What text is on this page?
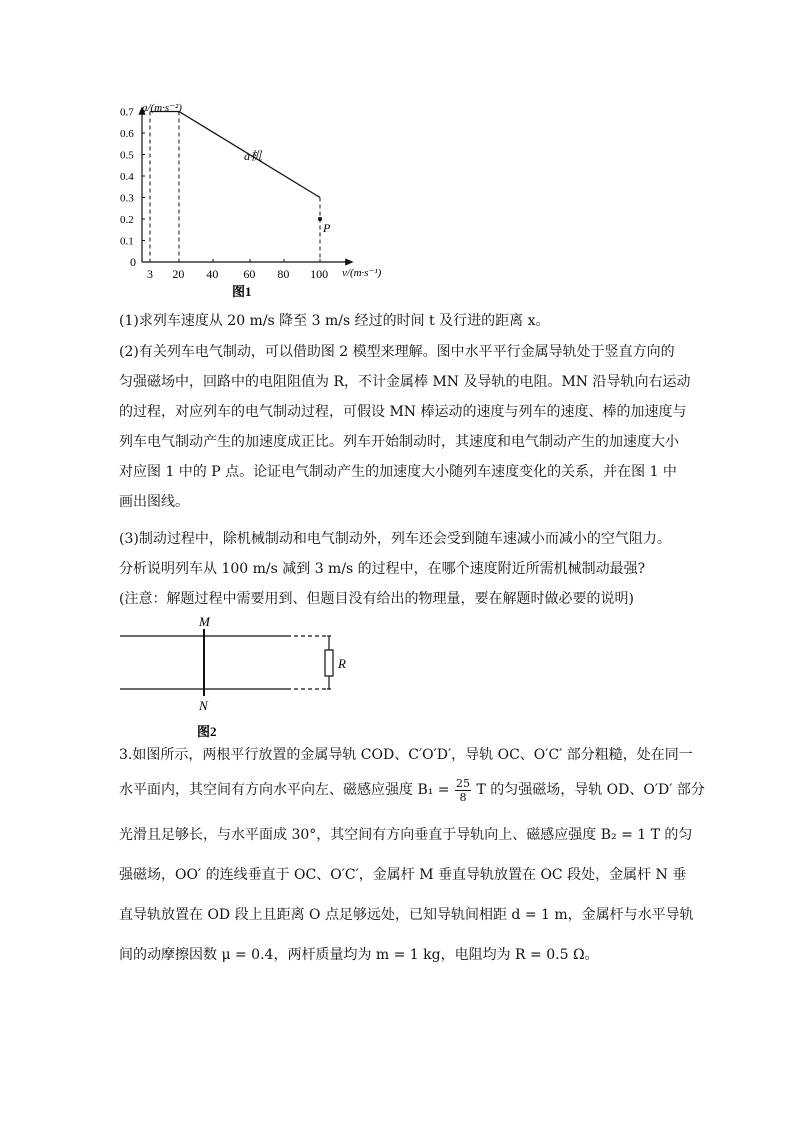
a/(m·s⁻²)
v/(m·s⁻¹)
0
0.7
0.6
0.5
0.4
0.3
0.2
0.1
3 20 40 60 80 100
a机
P
图1
(1)求列车速度从 20 m/s 降至 3 m/s 经过的时间 t 及行进的距离 x。
(2)有关列车电气制动，可以借助图 2 模型来理解。图中水平平行金属导轨处于竖直方向的
匀强磁场中，回路中的电阻阻值为 R，不计金属棒 MN 及导轨的电阻。MN 沿导轨向右运动
的过程，对应列车的电气制动过程，可假设 MN 棒运动的速度与列车的速度、棒的加速度与
列车电气制动产生的加速度成正比。列车开始制动时，其速度和电气制动产生的加速度大小
对应图 1 中的 P 点。论证电气制动产生的加速度大小随列车速度变化的关系，并在图 1 中
画出图线。
(3)制动过程中，除机械制动和电气制动外，列车还会受到随车速减小而减小的空气阻力。
分析说明列车从 100 m/s 减到 3 m/s 的过程中，在哪个速度附近所需机械制动最强?
(注意：解题过程中需要用到、但题目没有给出的物理量，要在解题时做必要的说明)
M
N
R
图2
3.如图所示，两根平行放置的金属导轨 COD、C′O′D′，导轨 OC、O′C′ 部分粗糙，处在同一
水平面内，其空间有方向水平向左、磁感应强度 $B_1 = \frac{25}{8}$ T 的匀强磁场，导轨 OD、O′D′ 部分
光滑且足够长，与水平面成 30°，其空间有方向垂直于导轨向上、磁感应强度 B₂ = 1 T 的匀
强磁场，OO′ 的连线垂直于 OC、O′C′，金属杆 M 垂直导轨放置在 OC 段处，金属杆 N 垂
直导轨放置在 OD 段上且距离 O 点足够远处，已知导轨间相距 d = 1 m，金属杆与水平导轨
间的动摩擦因数 μ = 0.4，两杆质量均为 m = 1 kg，电阻均为 R = 0.5 Ω。
